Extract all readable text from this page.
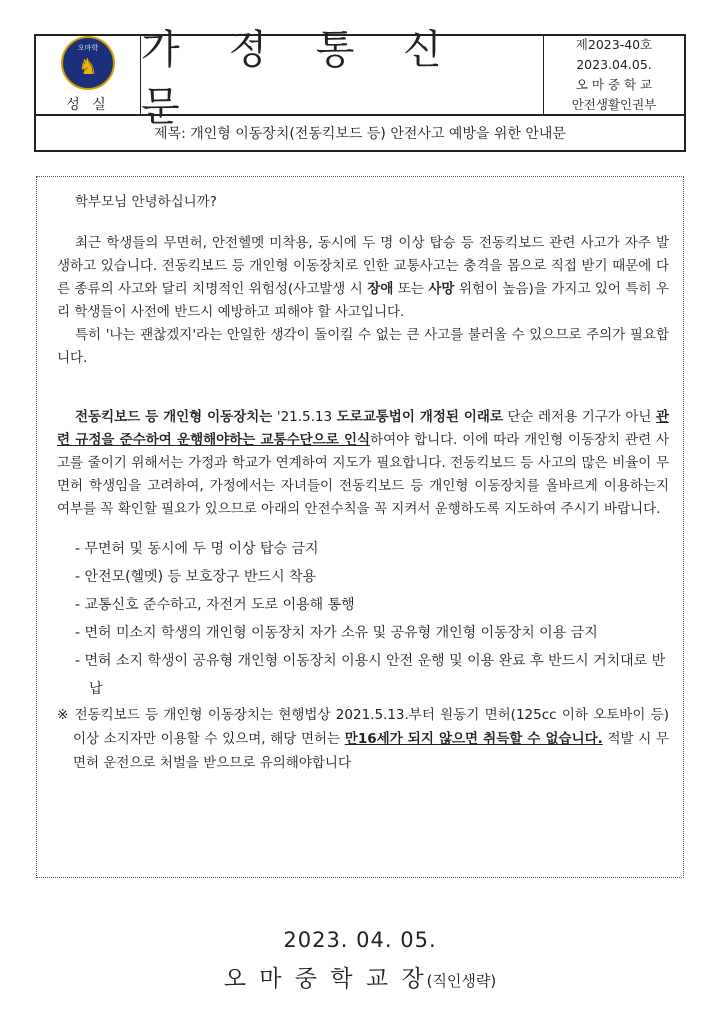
오마학
♞
성 실
가 정 통 신 문
제2023-40호
2023.04.05.
오 마 중 학 교
안전생활인권부
제목: 개인형 이동장치(전동킥보드 등) 안전사고 예방을 위한 안내문

학부모님 안녕하십니까?

최근 학생들의 무면허, 안전헬멧 미착용, 동시에 두 명 이상 탑승 등 전동킥보드 관련 사고가 자주 발생하고 있습니다. 전동킥보드 등 개인형 이동장치로 인한 교통사고는 충격을 몸으로 직접 받기 때문에 다른 종류의 사고와 달리 치명적인 위험성(사고발생 시 장애 또는 사망 위험이 높음)을 가지고 있어 특히 우리 학생들이 사전에 반드시 예방하고 피해야 할 사고입니다.

특히 '나는 괜찮겠지'라는 안일한 생각이 돌이킬 수 없는 큰 사고를 불러올 수 있으므로 주의가 필요합니다.

전동킥보드 등 개인형 이동장치는 '21.5.13 도로교통법이 개정된 이래로 단순 레저용 기구가 아닌 관련 규정을 준수하여 운행해야하는 교통수단으로 인식하여야 합니다. 이에 따라 개인형 이동장치 관련 사고를 줄이기 위해서는 가정과 학교가 연계하여 지도가 필요합니다. 전동킥보드 등 사고의 많은 비율이 무면허 학생임을 고려하여, 가정에서는 자녀들이 전동킥보드 등 개인형 이동장치를 올바르게 이용하는지 여부를 꼭 확인할 필요가 있으므로 아래의 안전수칙을 꼭 지켜서 운행하도록 지도하여 주시기 바랍니다.

- 무면허 및 동시에 두 명 이상 탑승 금지
- 안전모(헬멧) 등 보호장구 반드시 착용
- 교통신호 준수하고, 자전거 도로 이용해 통행
- 면허 미소지 학생의 개인형 이동장치 자가 소유 및 공유형 개인형 이동장치 이용 금지
- 면허 소지 학생이 공유형 개인형 이동장치 이용시 안전 운행 및 이용 완료 후 반드시 거치대로 반납

※ 전동킥보드 등 개인형 이동장치는 현행법상 2021.5.13.부터 원동기 면허(125cc 이하 오토바이 등) 이상 소지자만 이용할 수 있으며, 해당 면허는 만16세가 되지 않으면 취득할 수 없습니다. 적발 시 무면허 운전으로 처벌을 받으므로 유의해야합니다

2023. 04. 05.
오 마 중 학 교 장(직인생략)
